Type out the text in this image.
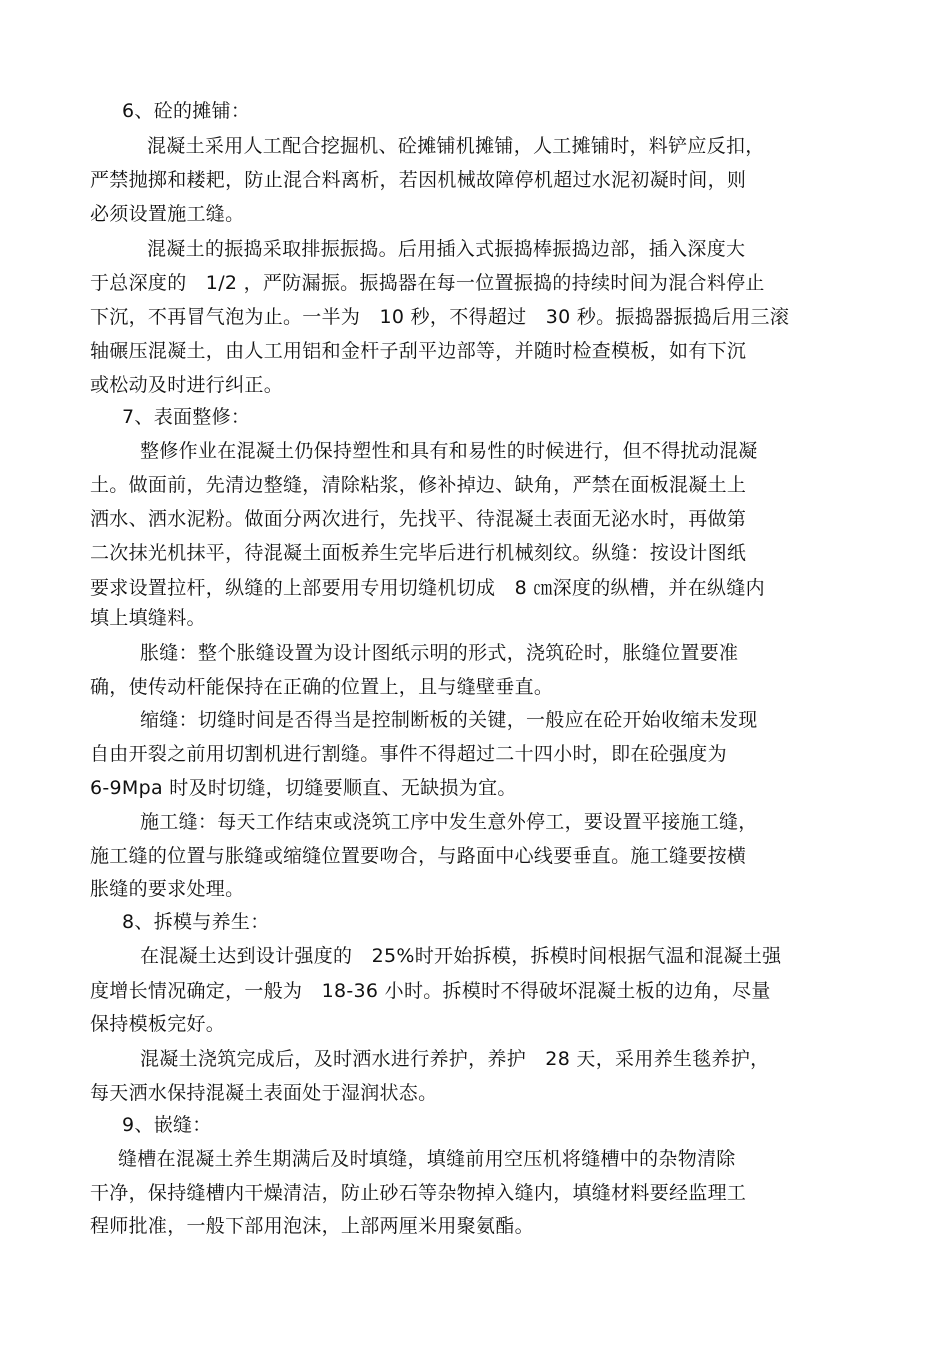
6、砼的摊铺：
混凝土采用人工配合挖掘机、砼摊铺机摊铺，人工摊铺时，料铲应反扣，
严禁抛掷和耧耙，防止混合料离析，若因机械故障停机超过水泥初凝时间，则
必须设置施工缝。
混凝土的振捣采取排振振捣。后用插入式振捣棒振捣边部，插入深度大
于总深度的　1/2 ，严防漏振。振捣器在每一位置振捣的持续时间为混合料停止
下沉，不再冒气泡为止。一半为　10 秒，不得超过　30 秒。振捣器振捣后用三滚
轴碾压混凝土，由人工用铝和金杆子刮平边部等，并随时检查模板，如有下沉
或松动及时进行纠正。
7、表面整修：
整修作业在混凝土仍保持塑性和具有和易性的时候进行，但不得扰动混凝
土。做面前，先清边整缝，清除粘浆，修补掉边、缺角，严禁在面板混凝土上
洒水、洒水泥粉。做面分两次进行，先找平、待混凝土表面无泌水时，再做第
二次抹光机抹平，待混凝土面板养生完毕后进行机械刻纹。纵缝：按设计图纸
要求设置拉杆，纵缝的上部要用专用切缝机切成　8 ㎝深度的纵槽，并在纵缝内
填上填缝料。
胀缝：整个胀缝设置为设计图纸示明的形式，浇筑砼时，胀缝位置要准
确，使传动杆能保持在正确的位置上，且与缝壁垂直。
缩缝：切缝时间是否得当是控制断板的关键，一般应在砼开始收缩未发现
自由开裂之前用切割机进行割缝。事件不得超过二十四小时，即在砼强度为
6-9Mpa 时及时切缝，切缝要顺直、无缺损为宜。
施工缝：每天工作结束或浇筑工序中发生意外停工，要设置平接施工缝，
施工缝的位置与胀缝或缩缝位置要吻合，与路面中心线要垂直。施工缝要按横
胀缝的要求处理。
8、拆模与养生：
在混凝土达到设计强度的　25%时开始拆模，拆模时间根据气温和混凝土强
度增长情况确定，一般为　18-36 小时。拆模时不得破坏混凝土板的边角，尽量
保持模板完好。
混凝土浇筑完成后，及时洒水进行养护，养护　28 天，采用养生毯养护，
每天洒水保持混凝土表面处于湿润状态。
9、嵌缝：
缝槽在混凝土养生期满后及时填缝，填缝前用空压机将缝槽中的杂物清除
干净，保持缝槽内干燥清洁，防止砂石等杂物掉入缝内，填缝材料要经监理工
程师批准，一般下部用泡沫，上部两厘米用聚氨酯。
